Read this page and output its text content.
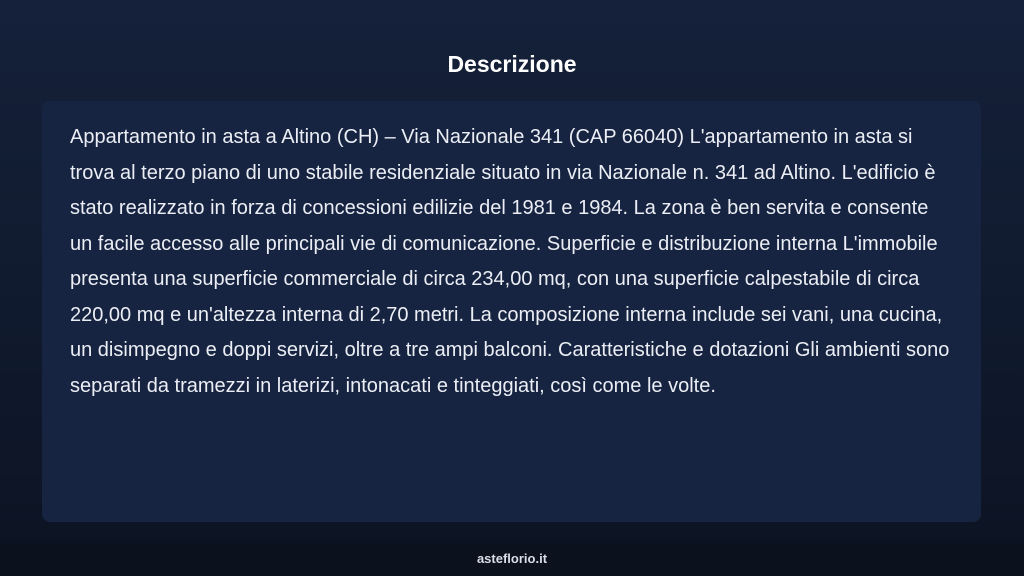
Descrizione

Appartamento in asta a Altino (CH) – Via Nazionale 341 (CAP 66040) L'appartamento in asta si trova al terzo piano di uno stabile residenziale situato in via Nazionale n. 341 ad Altino. L'edificio è stato realizzato in forza di concessioni edilizie del 1981 e 1984. La zona è ben servita e consente un facile accesso alle principali vie di comunicazione. Superficie e distribuzione interna L'immobile presenta una superficie commerciale di circa 234,00 mq, con una superficie calpestabile di circa 220,00 mq e un'altezza interna di 2,70 metri. La composizione interna include sei vani, una cucina, un disimpegno e doppi servizi, oltre a tre ampi balconi. Caratteristiche e dotazioni Gli ambienti sono separati da tramezzi in laterizi, intonacati e tinteggiati, così come le volte.

asteflorio.it
